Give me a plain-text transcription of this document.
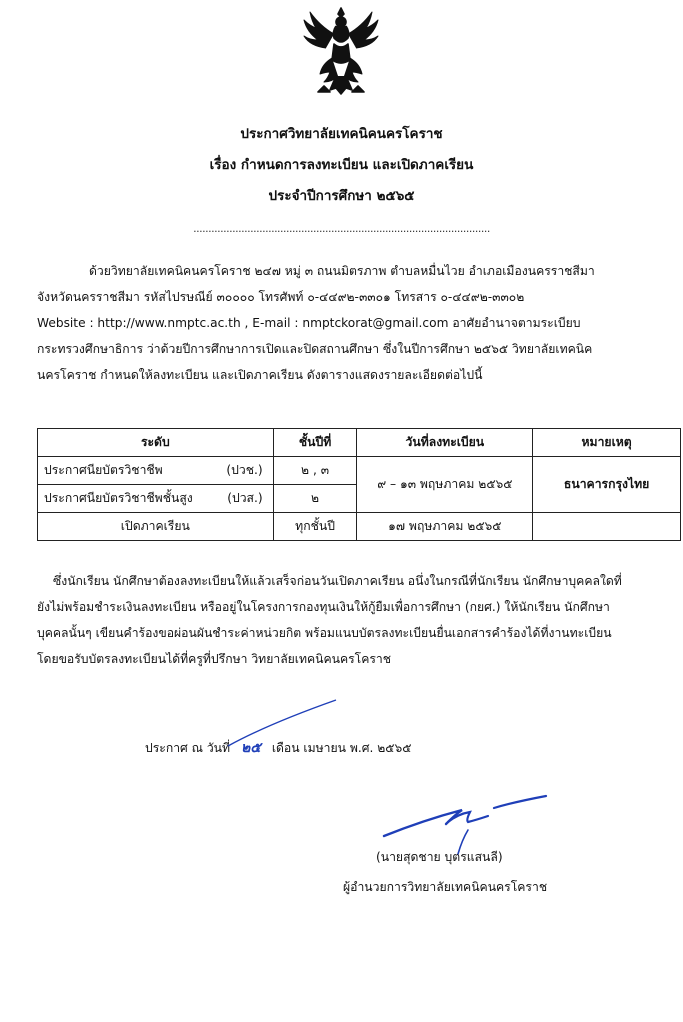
ประกาศวิทยาลัยเทคนิคนครโคราช
เรื่อง กำหนดการลงทะเบียน และเปิดภาคเรียน
ประจำปีการศึกษา ๒๕๖๕
...................................................................................................
ด้วยวิทยาลัยเทคนิคนครโคราช ๒๔๗ หมู่ ๓ ถนนมิตรภาพ ตำบลหมื่นไวย อำเภอเมืองนครราชสีมา
จังหวัดนครราชสีมา รหัสไปรษณีย์ ๓๐๐๐๐ โทรศัพท์ ๐-๔๔๙๒-๓๓๐๑ โทรสาร ๐-๔๔๙๒-๓๓๐๒
Website : http://www.nmptc.ac.th , E-mail : nmptckorat@gmail.com อาศัยอำนาจตามระเบียบ
กระทรวงศึกษาธิการ ว่าด้วยปีการศึกษาการเปิดและปิดสถานศึกษา ซึ่งในปีการศึกษา ๒๕๖๕ วิทยาลัยเทคนิค
นครโคราช กำหนดให้ลงทะเบียน และเปิดภาคเรียน ดังตารางแสดงรายละเอียดต่อไปนี้
ระดับ	ชั้นปีที่	วันที่ลงทะเบียน	หมายเหตุ
ประกาศนียบัตรวิชาชีพ (ปวช.)	๒ , ๓	๙ – ๑๓ พฤษภาคม ๒๕๖๕	ธนาคารกรุงไทย
ประกาศนียบัตรวิชาชีพชั้นสูง (ปวส.)	๒		
เปิดภาคเรียน	ทุกชั้นปี	๑๗ พฤษภาคม ๒๕๖๕	
ซึ่งนักเรียน นักศึกษาต้องลงทะเบียนให้แล้วเสร็จก่อนวันเปิดภาคเรียน อนึ่งในกรณีที่นักเรียน นักศึกษาบุคคลใดที่
ยังไม่พร้อมชำระเงินลงทะเบียน หรืออยู่ในโครงการกองทุนเงินให้กู้ยืมเพื่อการศึกษา (กยศ.) ให้นักเรียน นักศึกษา
บุคคลนั้นๆ เขียนคำร้องขอผ่อนผันชำระค่าหน่วยกิต พร้อมแนบบัตรลงทะเบียนยื่นเอกสารคำร้องได้ที่งานทะเบียน
โดยขอรับบัตรลงทะเบียนได้ที่ครูที่ปรึกษา วิทยาลัยเทคนิคนครโคราช
ประกาศ ณ วันที่ ๒๕ เดือน เมษายน พ.ศ. ๒๕๖๕
(นายสุดชาย บุตรแสนลี)
ผู้อำนวยการวิทยาลัยเทคนิคนครโคราช
